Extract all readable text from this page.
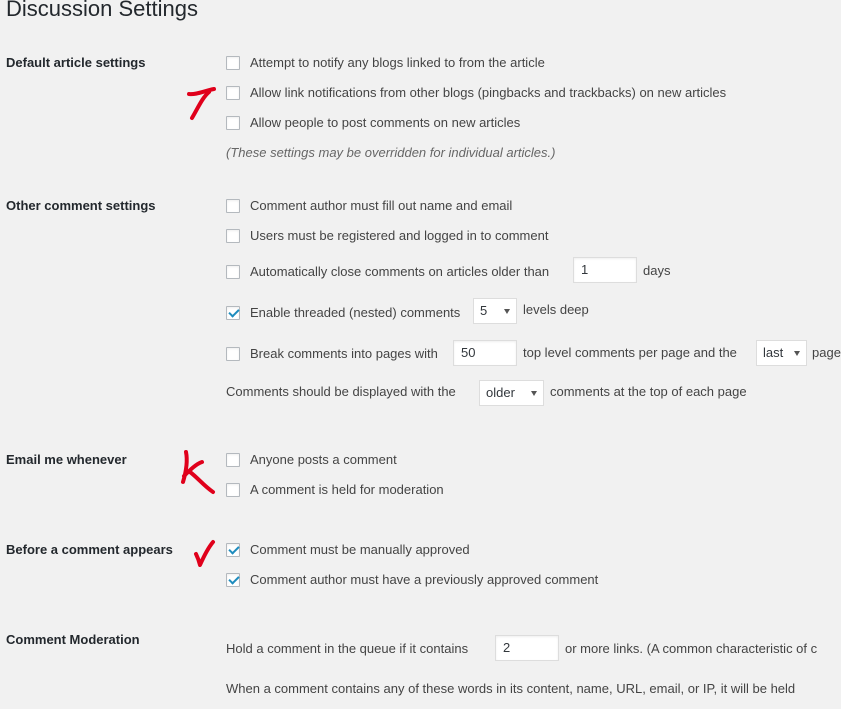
Discussion Settings
Default article settings	Attempt to notify any blogs linked to from the article
Allow link notifications from other blogs (pingbacks and trackbacks) on new articles
Allow people to post comments on new articles
(These settings may be overridden for individual articles.)
Other comment settings	Comment author must fill out name and email
Users must be registered and logged in to comment
Automatically close comments on articles older than	1	days
Enable threaded (nested) comments	5	levels deep
Break comments into pages with	50	top level comments per page and the	last	page
Comments should be displayed with the	older	comments at the top of each page
Email me whenever	Anyone posts a comment
A comment is held for moderation
Before a comment appears	Comment must be manually approved
Comment author must have a previously approved comment
Comment Moderation
Hold a comment in the queue if it contains	2	or more links. (A common characteristic of c
When a comment contains any of these words in its content, name, URL, email, or IP, it will be held
